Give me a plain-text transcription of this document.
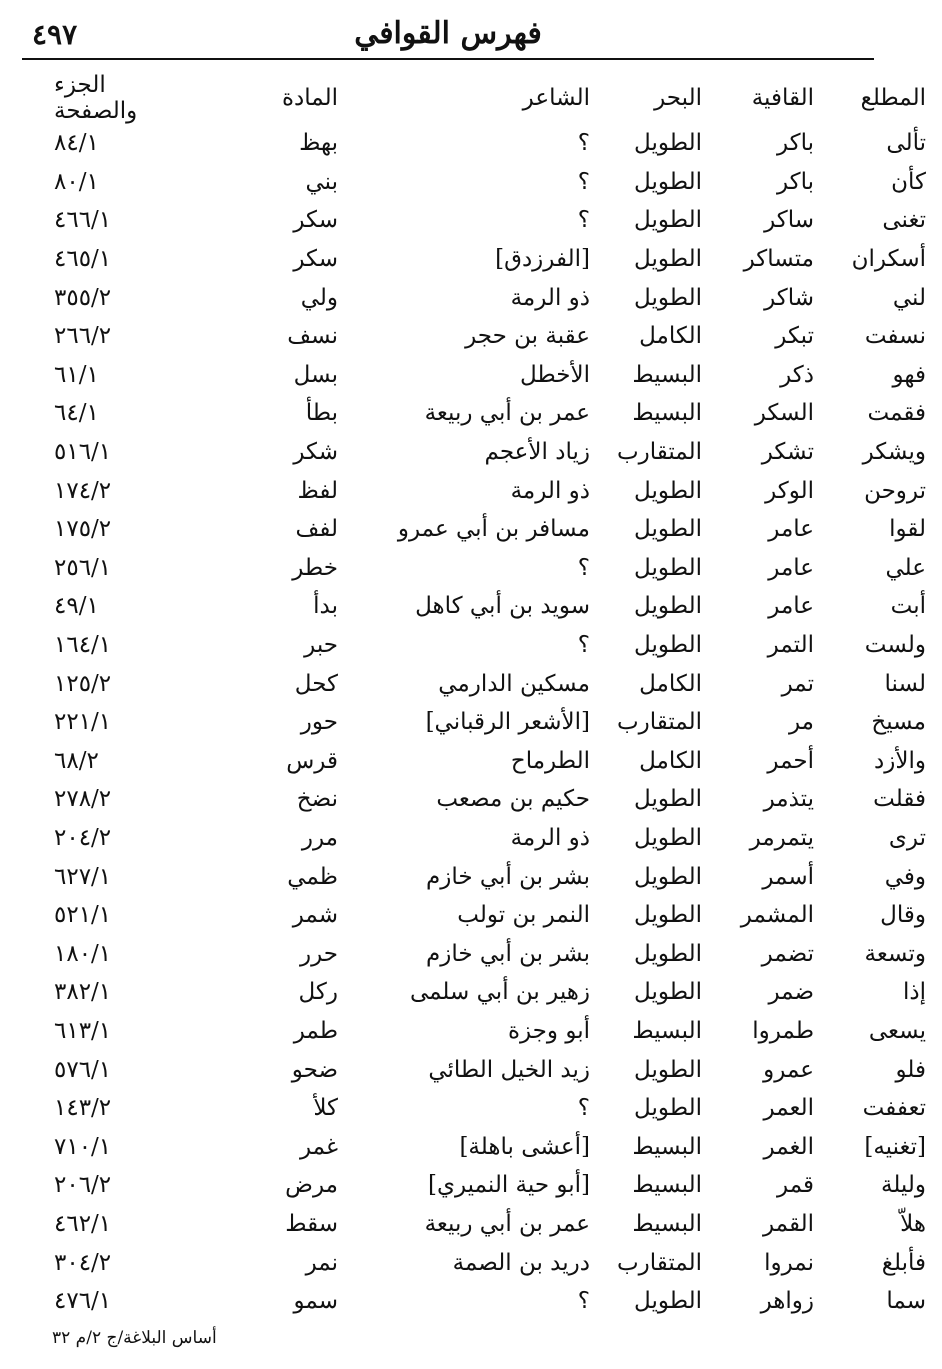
فهرس القوافي
٤٩٧
المطلع	القافية	البحر	الشاعر	المادة	الجزء والصفحة
تألى	باكر	الطويل	؟	بهظ	٨٤/١
كأن	باكر	الطويل	؟	بني	٨٠/١
تغنى	ساكر	الطويل	؟	سكر	٤٦٦/١
أسكران	متساكر	الطويل	[الفرزدق]	سكر	٤٦٥/١
لني	شاكر	الطويل	ذو الرمة	ولي	٣٥٥/٢
نسفت	تبكر	الكامل	عقبة بن حجر	نسف	٢٦٦/٢
فهو	ذكر	البسيط	الأخطل	بسل	٦١/١
فقمت	السكر	البسيط	عمر بن أبي ربيعة	بطأ	٦٤/١
ويشكر	تشكر	المتقارب	زياد الأعجم	شكر	٥١٦/١
تروحن	الوكر	الطويل	ذو الرمة	لفظ	١٧٤/٢
لقوا	عامر	الطويل	مسافر بن أبي عمرو	لفف	١٧٥/٢
علي	عامر	الطويل	؟	خطر	٢٥٦/١
أبت	عامر	الطويل	سويد بن أبي كاهل	بدأ	٤٩/١
ولست	التمر	الطويل	؟	حبر	١٦٤/١
لسنا	تمر	الكامل	مسكين الدارمي	كحل	١٢٥/٢
مسيخ	مر	المتقارب	[الأشعر الرقباني]	حور	٢٢١/١
والأزد	أحمر	الكامل	الطرماح	قرس	٦٨/٢
فقلت	يتذمر	الطويل	حكيم بن مصعب	نضخ	٢٧٨/٢
ترى	يتمرمر	الطويل	ذو الرمة	مرر	٢٠٤/٢
وفي	أسمر	الطويل	بشر بن أبي خازم	ظمي	٦٢٧/١
وقال	المشمر	الطويل	النمر بن تولب	شمر	٥٢١/١
وتسعة	تضمر	الطويل	بشر بن أبي خازم	حرر	١٨٠/١
إذا	ضمر	الطويل	زهير بن أبي سلمى	ركل	٣٨٢/١
يسعى	طمروا	البسيط	أبو وجزة	طمر	٦١٣/١
فلو	عمرو	الطويل	زيد الخيل الطائي	ضحو	٥٧٦/١
تعففت	العمر	الطويل	؟	كلأ	١٤٣/٢
[تغنيه]	الغمر	البسيط	[أعشى باهلة]	غمر	٧١٠/١
وليلة	قمر	البسيط	[أبو حية النميري]	مرض	٢٠٦/٢
هلاّ	القمر	البسيط	عمر بن أبي ربيعة	سقط	٤٦٢/١
فأبلغ	نمروا	المتقارب	دريد بن الصمة	نمر	٣٠٤/٢
سما	زواهر	الطويل	؟	سمو	٤٧٦/١
أساس البلاغة/ج ٢/م ٣٢
